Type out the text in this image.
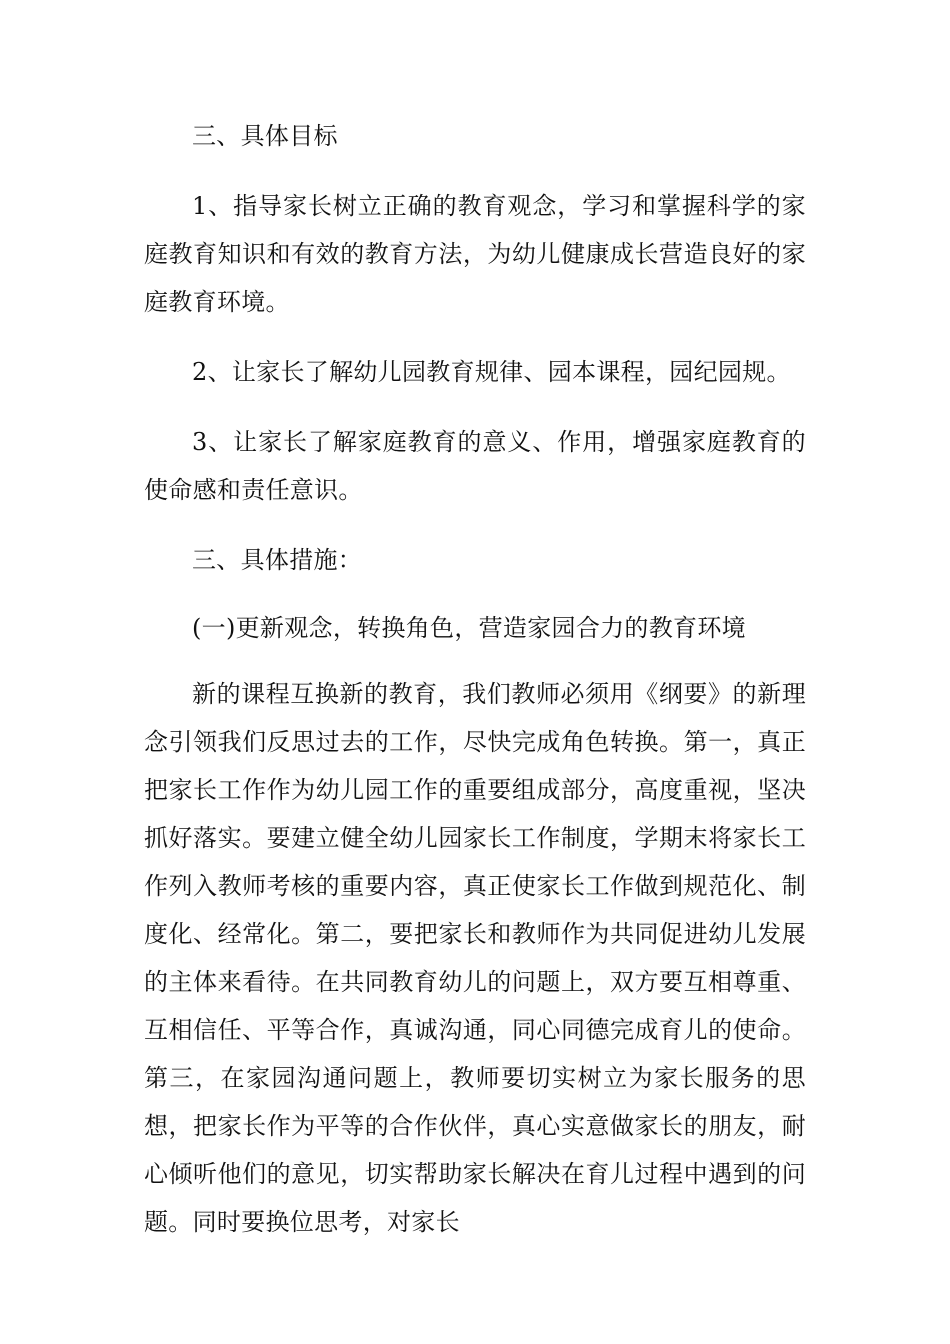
三、具体目标

1、指导家长树立正确的教育观念，学习和掌握科学的家庭教育知识和有效的教育方法，为幼儿健康成长营造良好的家庭教育环境。

2、让家长了解幼儿园教育规律、园本课程，园纪园规。

3、让家长了解家庭教育的意义、作用，增强家庭教育的使命感和责任意识。

三、具体措施：

(一)更新观念，转换角色，营造家园合力的教育环境

新的课程互换新的教育，我们教师必须用《纲要》的新理念引领我们反思过去的工作，尽快完成角色转换。第一，真正把家长工作作为幼儿园工作的重要组成部分，高度重视，坚决抓好落实。要建立健全幼儿园家长工作制度，学期末将家长工作列入教师考核的重要内容，真正使家长工作做到规范化、制度化、经常化。第二，要把家长和教师作为共同促进幼儿发展的主体来看待。在共同教育幼儿的问题上，双方要互相尊重、互相信任、平等合作，真诚沟通，同心同德完成育儿的使命。第三，在家园沟通问题上，教师要切实树立为家长服务的思想，把家长作为平等的合作伙伴，真心实意做家长的朋友，耐心倾听他们的意见，切实帮助家长解决在育儿过程中遇到的问题。同时要换位思考，对家长
